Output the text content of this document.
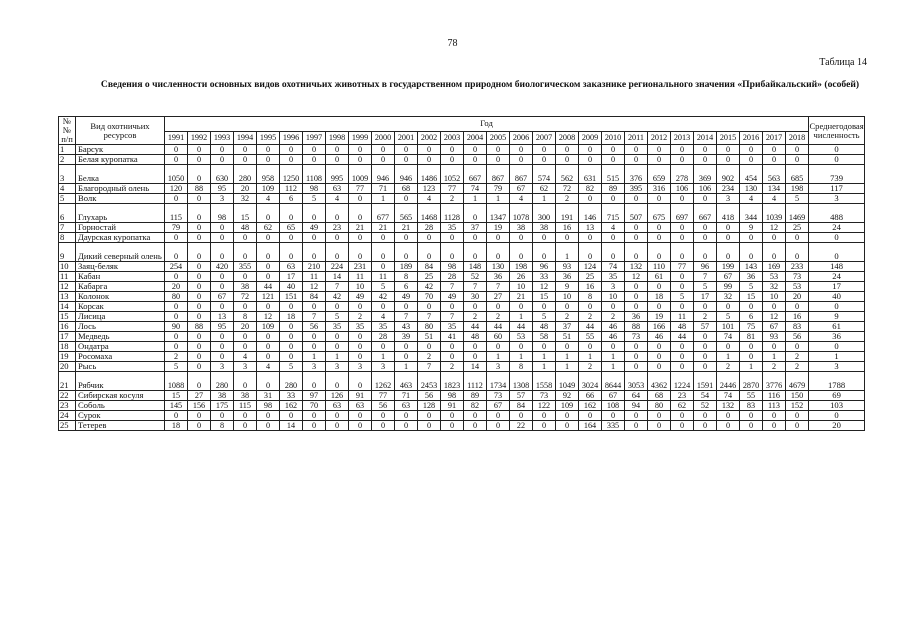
78
Таблица 14
Сведения о численности основных видов охотничьих животных в государственном природном биологическом заказнике регионального значения «Прибайкальский» (особей)
№ № п/п	Вид охотничьих ресурсов	Год																												Среднегодовая численность
		1991	1992	1993	1994	1995	1996	1997	1998	1999	2000	2001	2002	2003	2004	2005	2006	2007	2008	2009	2010	2011	2012	2013	2014	2015	2016	2017	2018	
1	Барсук	0	0	0	0	0	0	0	0	0	0	0	0	0	0	0	0	0	0	0	0	0	0	0	0	0	0	0	0	0
2	Белая куропатка	0	0	0	0	0	0	0	0	0	0	0	0	0	0	0	0	0	0	0	0	0	0	0	0	0	0	0	0	0
3	Белка	1050	0	630	280	958	1250	1108	995	1009	946	946	1486	1052	667	867	867	574	562	631	515	376	659	278	369	902	454	563	685	739
4	Благородный олень	120	88	95	20	109	112	98	63	77	71	68	123	77	74	79	67	62	72	82	89	395	316	106	106	234	130	134	198	117
5	Волк	0	0	3	32	4	6	5	4	0	1	0	4	2	1	1	4	1	2	0	0	0	0	0	0	3	4	4	5	3
6	Глухарь	115	0	98	15	0	0	0	0	0	677	565	1468	1128	0	1347	1078	300	191	146	715	507	675	697	667	418	344	1039	1469	488
7	Горностай	79	0	0	48	62	65	49	23	21	21	21	28	35	37	19	38	38	16	13	4	0	0	0	0	0	9	12	25	24
8	Даурская куропатка	0	0	0	0	0	0	0	0	0	0	0	0	0	0	0	0	0	0	0	0	0	0	0	0	0	0	0	0	0
9	Дикий северный олень	0	0	0	0	0	0	0	0	0	0	0	0	0	0	0	0	0	1	0	0	0	0	0	0	0	0	0	0	0
10	Заяц-беляк	254	0	420	355	0	63	210	224	231	0	189	84	98	148	130	198	96	93	124	74	132	110	77	96	199	143	169	233	148
11	Кабан	0	0	0	0	0	17	11	14	11	11	8	25	28	52	36	26	33	36	25	35	12	61	0	7	67	36	53	73	24
12	Кабарга	20	0	0	38	44	40	12	7	10	5	6	42	7	7	7	10	12	9	16	3	0	0	0	5	99	5	32	53	17
13	Колонок	80	0	67	72	121	151	84	42	49	42	49	70	49	30	27	21	15	10	8	10	0	18	5	17	32	15	10	20	40
14	Корсак	0	0	0	0	0	0	0	0	0	0	0	0	0	0	0	0	0	0	0	0	0	0	0	0	0	0	0	0	0
15	Лисица	0	0	13	8	12	18	7	5	2	4	7	7	7	2	2	1	5	2	2	2	36	19	11	2	5	6	12	16	9
16	Лось	90	88	95	20	109	0	56	35	35	35	43	80	35	44	44	44	48	37	44	46	88	166	48	57	101	75	67	83	61
17	Медведь	0	0	0	0	0	0	0	0	0	28	39	51	41	48	60	53	58	51	55	46	73	46	44	0	74	81	93	56	36
18	Ондатра	0	0	0	0	0	0	0	0	0	0	0	0	0	0	0	0	0	0	0	0	0	0	0	0	0	0	0	0	0
19	Росомаха	2	0	0	4	0	0	1	1	0	1	0	2	0	0	1	1	1	1	1	1	0	0	0	0	1	0	1	2	1
20	Рысь	5	0	3	3	4	5	3	3	3	3	1	7	2	14	3	8	1	1	2	1	0	0	0	0	2	1	2	2	3
21	Рябчик	1088	0	280	0	0	280	0	0	0	1262	463	2453	1823	1112	1734	1308	1558	1049	3024	8644	3053	4362	1224	1591	2446	2870	3776	4679	1788
22	Сибирская косуля	15	27	38	38	31	33	97	126	91	77	71	56	98	89	73	57	73	92	66	67	64	68	23	54	74	55	116	150	69
23	Соболь	145	156	175	115	98	162	70	63	63	56	63	128	91	82	67	84	122	109	162	108	94	80	62	52	132	83	113	152	103
24	Сурок	0	0	0	0	0	0	0	0	0	0	0	0	0	0	0	0	0	0	0	0	0	0	0	0	0	0	0	0	0
25	Тетерев	18	0	8	0	0	14	0	0	0	0	0	0	0	0	0	22	0	0	164	335	0	0	0	0	0	0	0	0	20
